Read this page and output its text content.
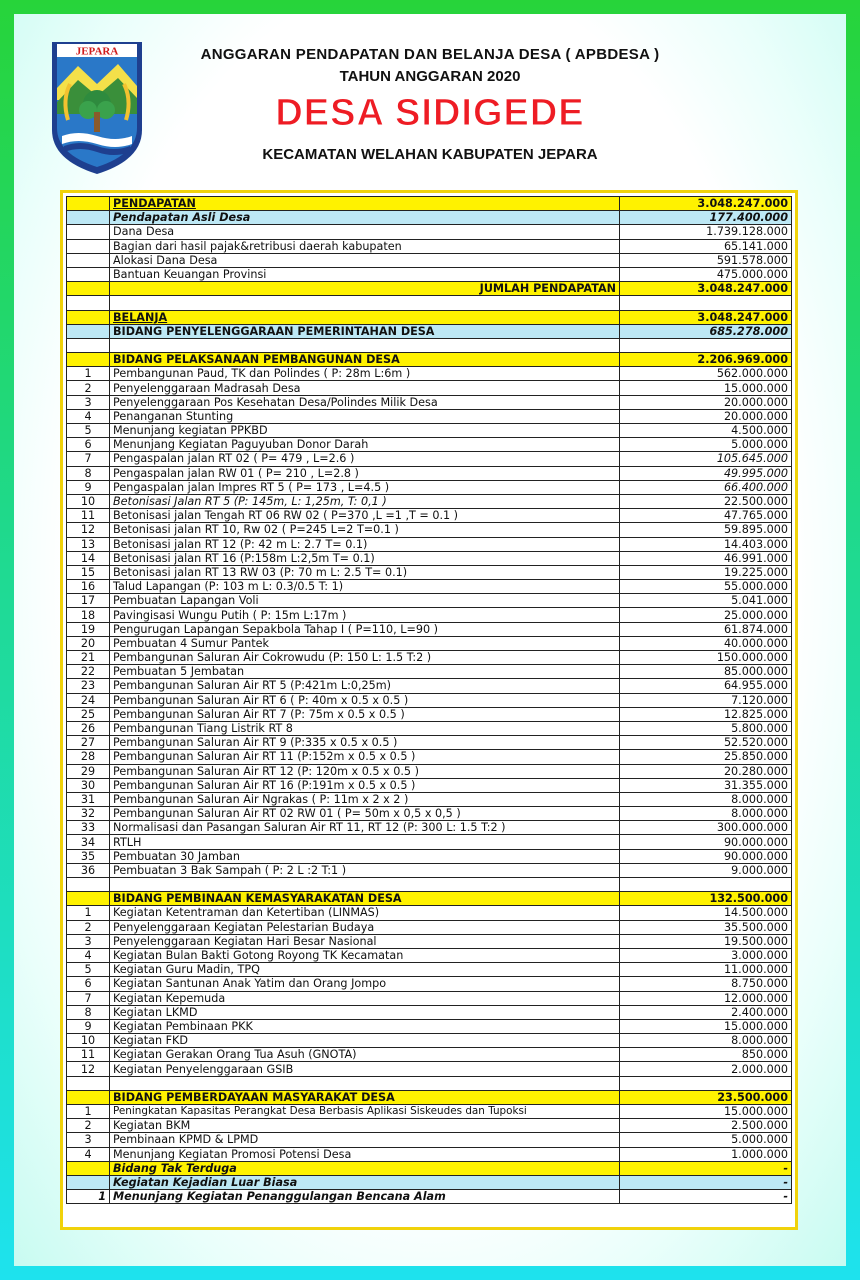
JEPARA	ANGGARAN PENDAPATAN DAN BELANJA DESA ( APBDESA )
TAHUN ANGGARAN 2020
DESA SIDIGEDE
KECAMATAN WELAHAN KABUPATEN JEPARA
	PENDAPATAN	3.048.247.000
	Pendapatan Asli Desa	177.400.000
	Dana Desa	1.739.128.000
	Bagian dari hasil pajak&retribusi daerah kabupaten	65.141.000
	Alokasi Dana Desa	591.578.000
	Bantuan Keuangan Provinsi	475.000.000
	JUMLAH PENDAPATAN	3.048.247.000

	BELANJA	3.048.247.000
	BIDANG PENYELENGGARAAN PEMERINTAHAN DESA	685.278.000

	BIDANG PELAKSANAAN PEMBANGUNAN DESA	2.206.969.000
1	Pembangunan Paud, TK dan Polindes ( P: 28m L:6m )	562.000.000
2	Penyelenggaraan Madrasah Desa	15.000.000
3	Penyelenggaraan Pos Kesehatan Desa/Polindes Milik Desa	20.000.000
4	Penanganan Stunting	20.000.000
5	Menunjang kegiatan PPKBD	4.500.000
6	Menunjang Kegiatan Paguyuban Donor Darah	5.000.000
7	Pengaspalan jalan RT 02 ( P= 479 , L=2.6 )	105.645.000
8	Pengaspalan jalan RW 01 ( P= 210 , L=2.8 )	49.995.000
9	Pengaspalan jalan Impres RT 5 ( P= 173 , L=4.5 )	66.400.000
10	Betonisasi Jalan RT 5 (P: 145m, L: 1,25m, T: 0,1 )	22.500.000
11	Betonisasi jalan Tengah RT 06 RW 02 ( P=370 ,L =1 ,T = 0.1 )	47.765.000
12	Betonisasi jalan RT 10, Rw 02 ( P=245 L=2 T=0.1 )	59.895.000
13	Betonisasi jalan RT 12 (P: 42 m L: 2.7 T= 0.1)	14.403.000
14	Betonisasi jalan RT 16 (P:158m L:2,5m T= 0.1)	46.991.000
15	Betonisasi jalan RT 13 RW 03 (P: 70 m L: 2.5 T= 0.1)	19.225.000
16	Talud Lapangan (P: 103 m L: 0.3/0.5 T: 1)	55.000.000
17	Pembuatan Lapangan Voli	5.041.000
18	Pavingisasi Wungu Putih ( P: 15m L:17m )	25.000.000
19	Pengurugan Lapangan Sepakbola Tahap I ( P=110, L=90 )	61.874.000
20	Pembuatan 4 Sumur Pantek	40.000.000
21	Pembangunan Saluran Air Cokrowudu (P: 150 L: 1.5 T:2 )	150.000.000
22	Pembuatan 5 Jembatan	85.000.000
23	Pembangunan Saluran Air RT 5 (P:421m L:0,25m)	64.955.000
24	Pembangunan Saluran Air RT 6 ( P: 40m x 0.5 x 0.5 )	7.120.000
25	Pembangunan Saluran Air RT 7 (P: 75m x 0.5 x 0.5 )	12.825.000
26	Pembangunan Tiang Listrik RT 8	5.800.000
27	Pembangunan Saluran Air RT 9 (P:335 x 0.5 x 0.5 )	52.520.000
28	Pembangunan Saluran Air RT 11 (P:152m x 0.5 x 0.5 )	25.850.000
29	Pembangunan Saluran Air RT 12 (P: 120m x 0.5 x 0.5 )	20.280.000
30	Pembangunan Saluran Air RT 16 (P:191m x 0.5 x 0.5 )	31.355.000
31	Pembangunan Saluran Air Ngrakas ( P: 11m x 2 x 2 )	8.000.000
32	Pembangunan Saluran Air RT 02 RW 01 ( P= 50m x 0,5 x 0,5 )	8.000.000
33	Normalisasi dan Pasangan Saluran Air RT 11, RT 12 (P: 300 L: 1.5 T:2 )	300.000.000
34	RTLH	90.000.000
35	Pembuatan 30 Jamban	90.000.000
36	Pembuatan 3 Bak Sampah ( P: 2 L :2 T:1 )	9.000.000

	BIDANG PEMBINAAN KEMASYARAKATAN DESA	132.500.000
1	Kegiatan Ketentraman dan Ketertiban (LINMAS)	14.500.000
2	Penyelenggaraan Kegiatan Pelestarian Budaya	35.500.000
3	Penyelenggaraan Kegiatan Hari Besar Nasional	19.500.000
4	Kegiatan Bulan Bakti Gotong Royong TK Kecamatan	3.000.000
5	Kegiatan Guru Madin, TPQ	11.000.000
6	Kegiatan Santunan Anak Yatim dan Orang Jompo	8.750.000
7	Kegiatan Kepemuda	12.000.000
8	Kegiatan LKMD	2.400.000
9	Kegiatan Pembinaan PKK	15.000.000
10	Kegiatan FKD	8.000.000
11	Kegiatan Gerakan Orang Tua Asuh (GNOTA)	850.000
12	Kegiatan Penyelenggaraan GSIB	2.000.000

	BIDANG PEMBERDAYAAN MASYARAKAT DESA	23.500.000
1	Peningkatan Kapasitas Perangkat Desa Berbasis Aplikasi Siskeudes dan Tupoksi	15.000.000
2	Kegiatan BKM	2.500.000
3	Pembinaan KPMD & LPMD	5.000.000
4	Menunjang Kegiatan Promosi Potensi Desa	1.000.000
	Bidang Tak Terduga	-
	Kegiatan Kejadian Luar Biasa	-
1	Menunjang Kegiatan Penanggulangan Bencana Alam	-
